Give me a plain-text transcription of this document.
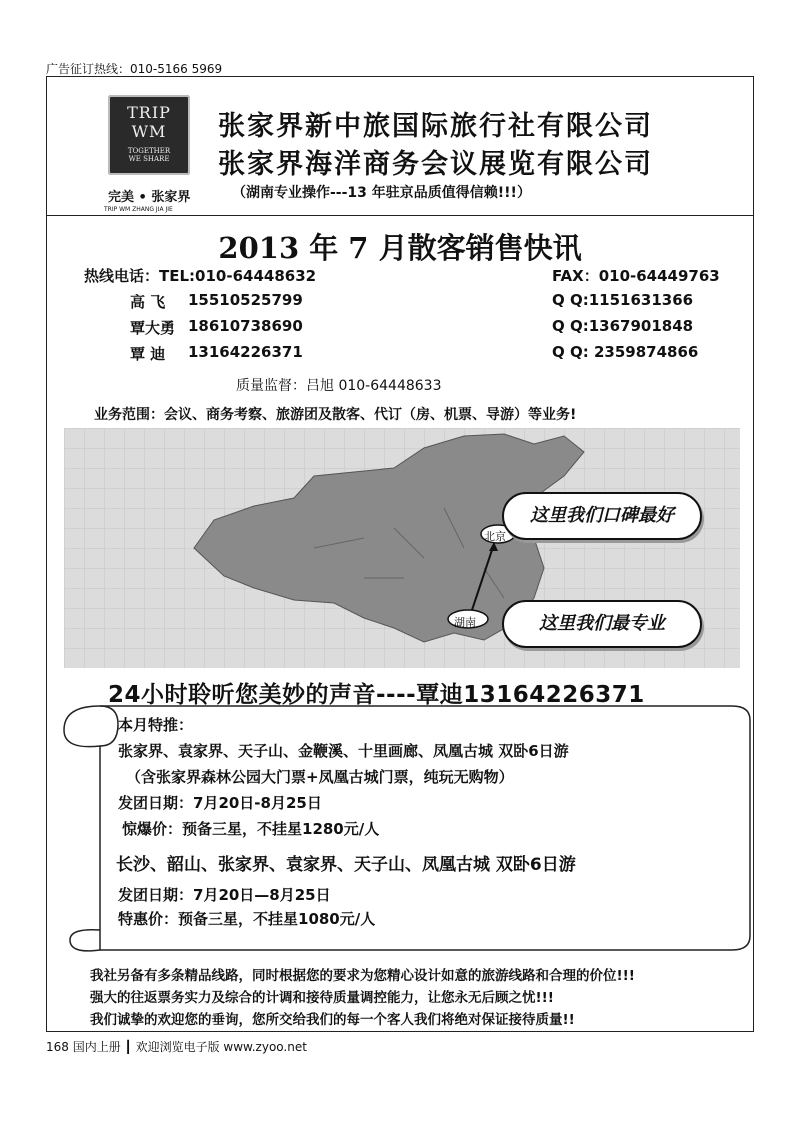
广告征订热线：010-5166 5969
TRIP
WM
TOGETHER
WE SHARE
完美 • 张家界
TRIP WM ZHANG JIA JIE
张家界新中旅国际旅行社有限公司
张家界海洋商务会议展览有限公司
（湖南专业操作---13 年驻京品质值得信赖!!!）
2013 年 7 月散客销售快讯
热线电话：TEL:010-64448632	FAX：010-64449763
高 飞 15510525799	Q Q:1151631366
覃大勇 18610738690	Q Q:1367901848
覃 迪 13164226371	Q Q: 2359874866
质量监督：吕旭 010-64448633
业务范围：会议、商务考察、旅游团及散客、代订（房、机票、导游）等业务!
北京
湖南
这里我们口碑最好
这里我们最专业
24小时聆听您美妙的声音----覃迪13164226371
本月特推：
张家界、袁家界、天子山、金鞭溪、十里画廊、凤凰古城 双卧6日游
（含张家界森林公园大门票+凤凰古城门票，纯玩无购物）
发团日期：7月20日-8月25日
惊爆价：预备三星，不挂星1280元/人
长沙、韶山、张家界、袁家界、天子山、凤凰古城 双卧6日游
发团日期：7月20日—8月25日
特惠价：预备三星，不挂星1080元/人
我社另备有多条精品线路，同时根据您的要求为您精心设计如意的旅游线路和合理的价位!!!
强大的往返票务实力及综合的计调和接待质量调控能力，让您永无后顾之忧!!!
我们诚挚的欢迎您的垂询，您所交给我们的每一个客人我们将绝对保证接待质量!!
168 国内上册 ┃ 欢迎浏览电子版 www.zyoo.net
